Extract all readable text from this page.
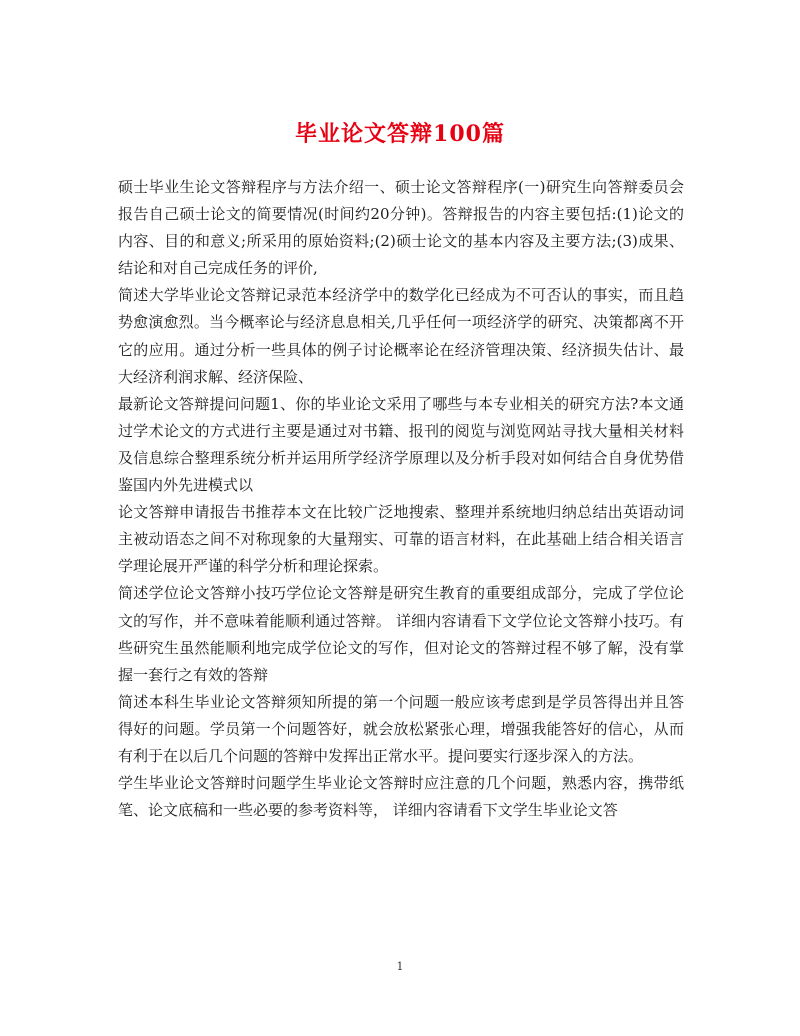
毕业论文答辩100篇

硕士毕业生论文答辩程序与方法介绍一、硕士论文答辩程序(一)研究生向答辩委员会报告自己硕士论文的简要情况(时间约20分钟)。答辩报告的内容主要包括:(1)论文的内容、目的和意义;所采用的原始资料;(2)硕士论文的基本内容及主要方法;(3)成果、结论和对自己完成任务的评价,

简述大学毕业论文答辩记录范本经济学中的数学化已经成为不可否认的事实，而且趋势愈演愈烈。当今概率论与经济息息相关,几乎任何一项经济学的研究、决策都离不开它的应用。通过分析一些具体的例子讨论概率论在经济管理决策、经济损失估计、最大经济利润求解、经济保险、

最新论文答辩提问问题1、你的毕业论文采用了哪些与本专业相关的研究方法?本文通过学术论文的方式进行主要是通过对书籍、报刊的阅览与浏览网站寻找大量相关材料及信息综合整理系统分析并运用所学经济学原理以及分析手段对如何结合自身优势借鉴国内外先进模式以

论文答辩申请报告书推荐本文在比较广泛地搜索、整理并系统地归纳总结出英语动词主被动语态之间不对称现象的大量翔实、可靠的语言材料，在此基础上结合相关语言学理论展开严谨的科学分析和理论探索。

简述学位论文答辩小技巧学位论文答辩是研究生教育的重要组成部分，完成了学位论文的写作，并不意味着能顺利通过答辩。 详细内容请看下文学位论文答辩小技巧。有些研究生虽然能顺利地完成学位论文的写作，但对论文的答辩过程不够了解，没有掌握一套行之有效的答辩

简述本科生毕业论文答辩须知所提的第一个问题一般应该考虑到是学员答得出并且答得好的问题。学员第一个问题答好，就会放松紧张心理，增强我能答好的信心，从而有利于在以后几个问题的答辩中发挥出正常水平。提问要实行逐步深入的方法。

学生毕业论文答辩时问题学生毕业论文答辩时应注意的几个问题，熟悉内容，携带纸笔、论文底稿和一些必要的参考资料等， 详细内容请看下文学生毕业论文答

1
